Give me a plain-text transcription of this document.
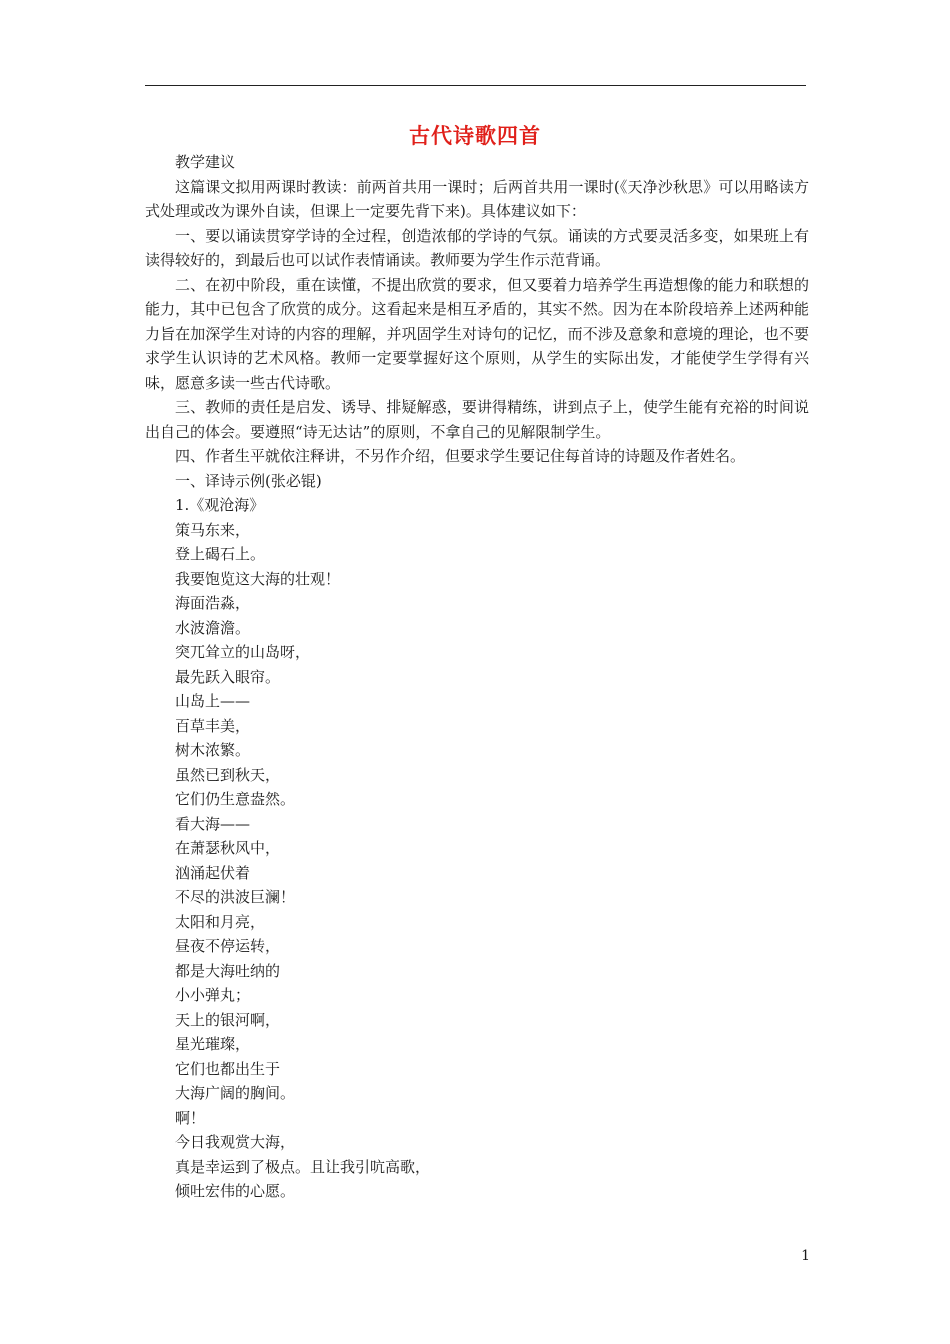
古代诗歌四首

教学建议

这篇课文拟用两课时教读：前两首共用一课时；后两首共用一课时(《天净沙秋思》可以用略读方式处理或改为课外自读，但课上一定要先背下来)。具体建议如下：

一、要以诵读贯穿学诗的全过程，创造浓郁的学诗的气氛。诵读的方式要灵活多变，如果班上有读得较好的，到最后也可以试作表情诵读。教师要为学生作示范背诵。

二、在初中阶段，重在读懂，不提出欣赏的要求，但又要着力培养学生再造想像的能力和联想的能力，其中已包含了欣赏的成分。这看起来是相互矛盾的，其实不然。因为在本阶段培养上述两种能力旨在加深学生对诗的内容的理解，并巩固学生对诗句的记忆，而不涉及意象和意境的理论，也不要求学生认识诗的艺术风格。教师一定要掌握好这个原则，从学生的实际出发，才能使学生学得有兴味，愿意多读一些古代诗歌。

三、教师的责任是启发、诱导、排疑解惑，要讲得精练，讲到点子上，使学生能有充裕的时间说出自己的体会。要遵照“诗无达诂”的原则，不拿自己的见解限制学生。

四、作者生平就依注释讲，不另作介绍，但要求学生要记住每首诗的诗题及作者姓名。

一、译诗示例(张必锟)

1.《观沧海》

策马东来，

登上碣石上。

我要饱览这大海的壮观！

海面浩淼，

水波澹澹。

突兀耸立的山岛呀，

最先跃入眼帘。

山岛上——

百草丰美，

树木浓繁。

虽然已到秋天，

它们仍生意盎然。

看大海——

在萧瑟秋风中，

汹涌起伏着

不尽的洪波巨澜！

太阳和月亮，

昼夜不停运转，

都是大海吐纳的

小小弹丸；

天上的银河啊，

星光璀璨，

它们也都出生于

大海广阔的胸间。

啊！

今日我观赏大海，

真是幸运到了极点。且让我引吭高歌，

倾吐宏伟的心愿。

1
